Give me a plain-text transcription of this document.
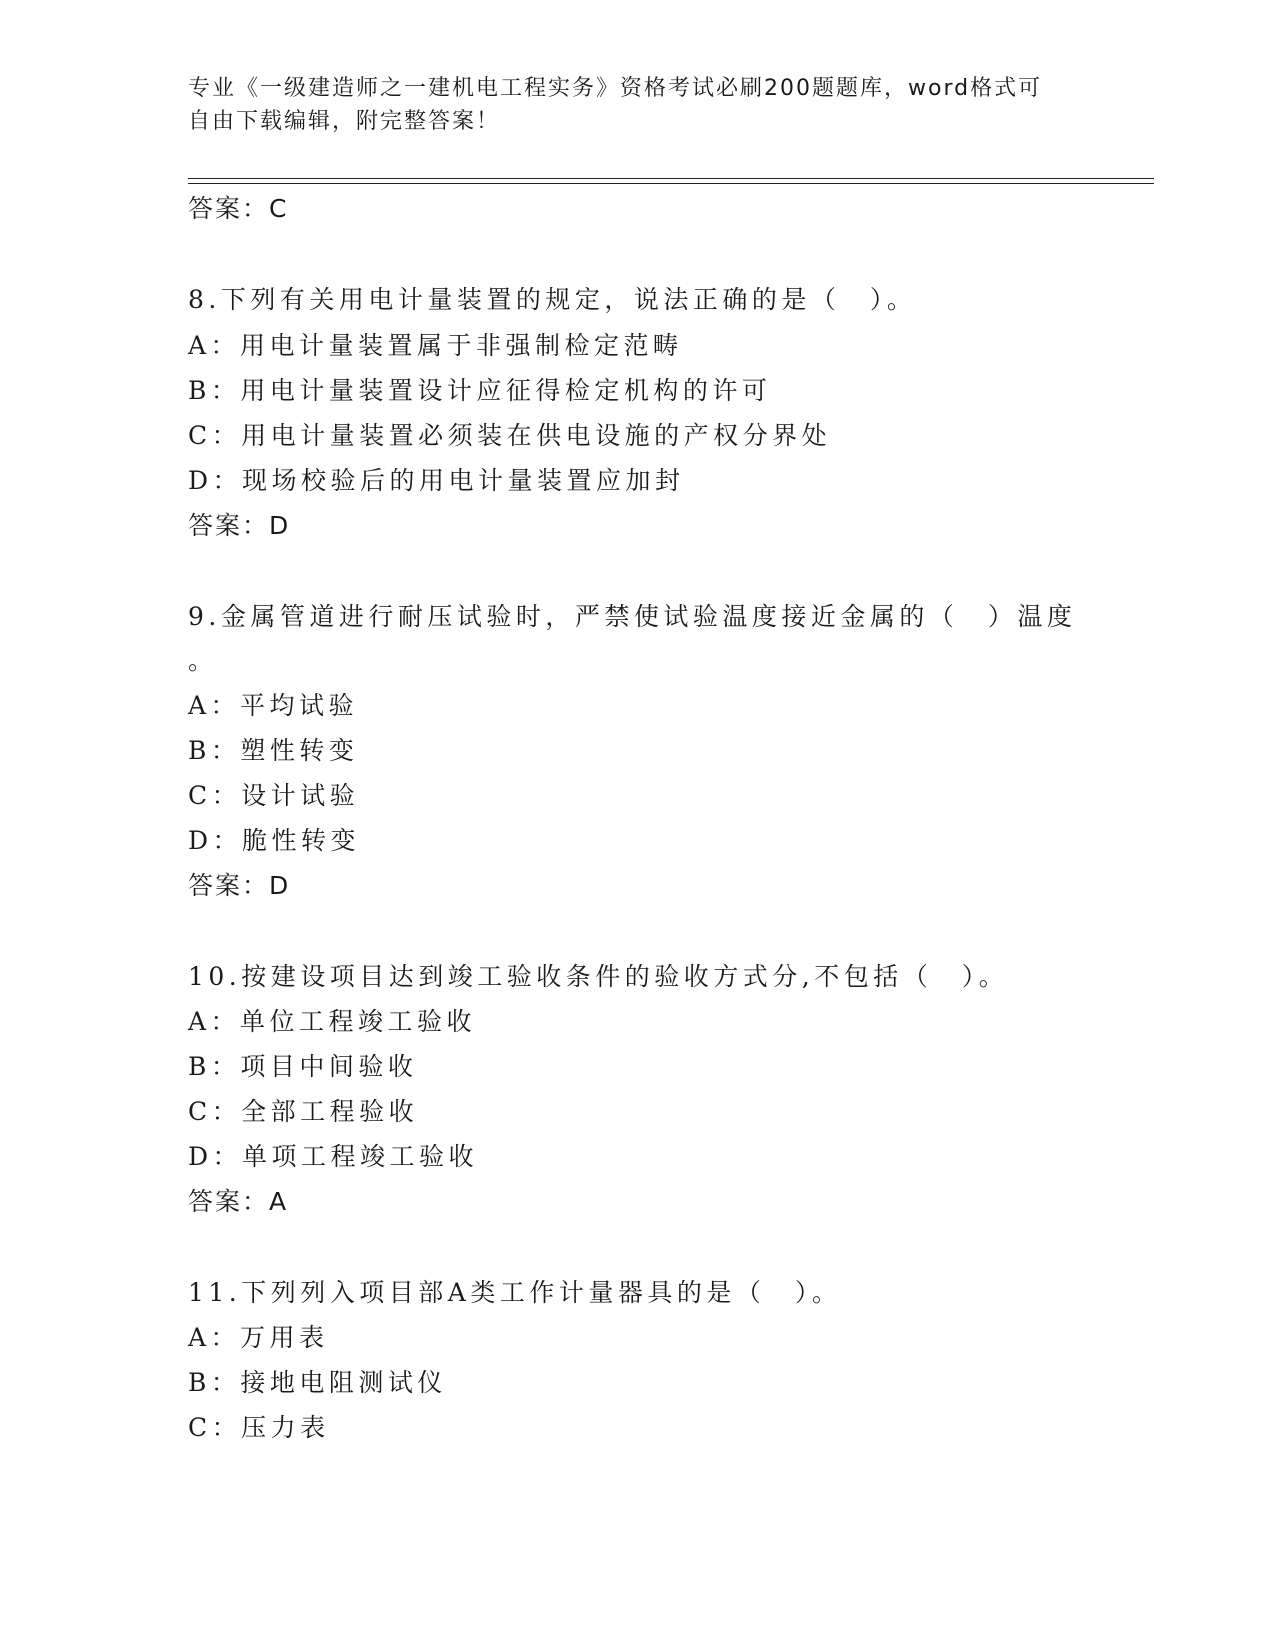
专业《一级建造师之一建机电工程实务》资格考试必刷200题题库，word格式可
自由下载编辑，附完整答案！
答案：C
8.下列有关用电计量装置的规定，说法正确的是（　）。
A：用电计量装置属于非强制检定范畴
B：用电计量装置设计应征得检定机构的许可
C：用电计量装置必须装在供电设施的产权分界处
D：现场校验后的用电计量装置应加封
答案：D
9.金属管道进行耐压试验时，严禁使试验温度接近金属的（　）温度
。
A：平均试验
B：塑性转变
C：设计试验
D：脆性转变
答案：D
10.按建设项目达到竣工验收条件的验收方式分,不包括（　）。
A：单位工程竣工验收
B：项目中间验收
C：全部工程验收
D：单项工程竣工验收
答案：A
11.下列列入项目部A类工作计量器具的是（　）。
A：万用表
B：接地电阻测试仪
C：压力表
